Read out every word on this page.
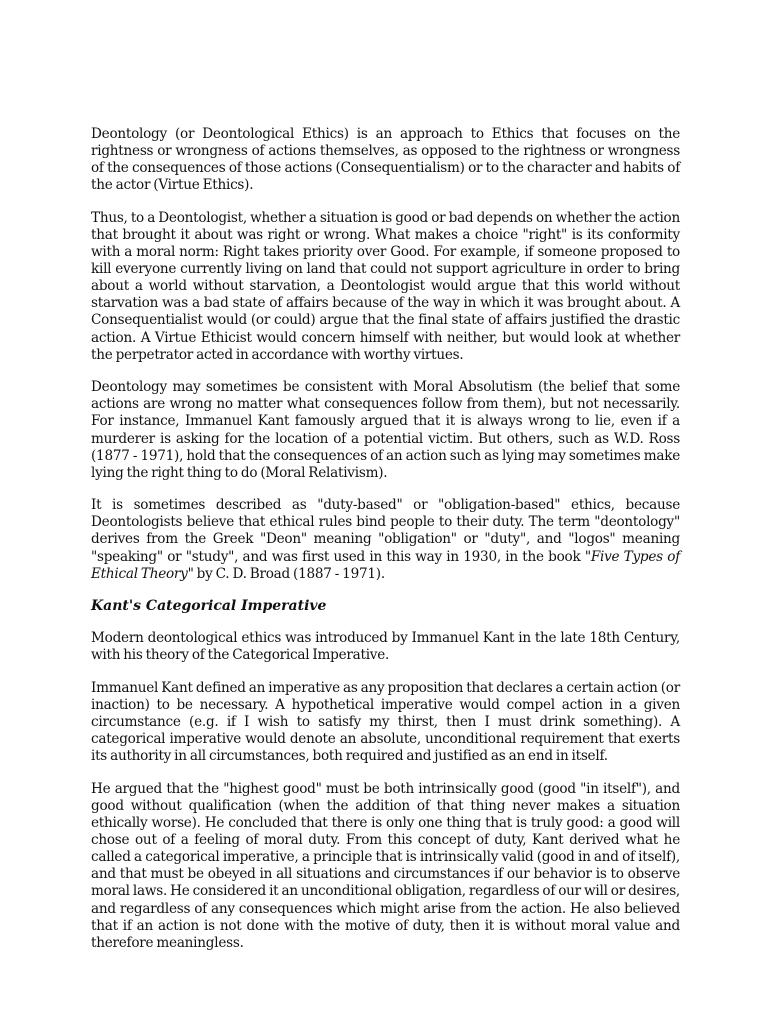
Deontology (or Deontological Ethics) is an approach to Ethics that focuses on the rightness or wrongness of actions themselves, as opposed to the rightness or wrongness of the consequences of those actions (Consequentialism) or to the character and habits of the actor (Virtue Ethics).

Thus, to a Deontologist, whether a situation is good or bad depends on whether the action that brought it about was right or wrong. What makes a choice "right" is its conformity with a moral norm: Right takes priority over Good. For example, if someone proposed to kill everyone currently living on land that could not support agriculture in order to bring about a world without starvation, a Deontologist would argue that this world without starvation was a bad state of affairs because of the way in which it was brought about. A Consequentialist would (or could) argue that the final state of affairs justified the drastic action. A Virtue Ethicist would concern himself with neither, but would look at whether the perpetrator acted in accordance with worthy virtues.

Deontology may sometimes be consistent with Moral Absolutism (the belief that some actions are wrong no matter what consequences follow from them), but not necessarily. For instance, Immanuel Kant famously argued that it is always wrong to lie, even if a murderer is asking for the location of a potential victim. But others, such as W.D. Ross (1877 - 1971), hold that the consequences of an action such as lying may sometimes make lying the right thing to do (Moral Relativism).

It is sometimes described as "duty-based" or "obligation-based" ethics, because Deontologists believe that ethical rules bind people to their duty. The term "deontology" derives from the Greek "Deon" meaning "obligation" or "duty", and "logos" meaning "speaking" or "study", and was first used in this way in 1930, in the book "Five Types of Ethical Theory" by C. D. Broad (1887 - 1971).

Kant's Categorical Imperative

Modern deontological ethics was introduced by Immanuel Kant in the late 18th Century, with his theory of the Categorical Imperative.

Immanuel Kant defined an imperative as any proposition that declares a certain action (or inaction) to be necessary. A hypothetical imperative would compel action in a given circumstance (e.g. if I wish to satisfy my thirst, then I must drink something). A categorical imperative would denote an absolute, unconditional requirement that exerts its authority in all circumstances, both required and justified as an end in itself.

He argued that the "highest good" must be both intrinsically good (good "in itself"), and good without qualification (when the addition of that thing never makes a situation ethically worse). He concluded that there is only one thing that is truly good: a good will chose out of a feeling of moral duty. From this concept of duty, Kant derived what he called a categorical imperative, a principle that is intrinsically valid (good in and of itself), and that must be obeyed in all situations and circumstances if our behavior is to observe moral laws. He considered it an unconditional obligation, regardless of our will or desires, and regardless of any consequences which might arise from the action. He also believed that if an action is not done with the motive of duty, then it is without moral value and therefore meaningless.
